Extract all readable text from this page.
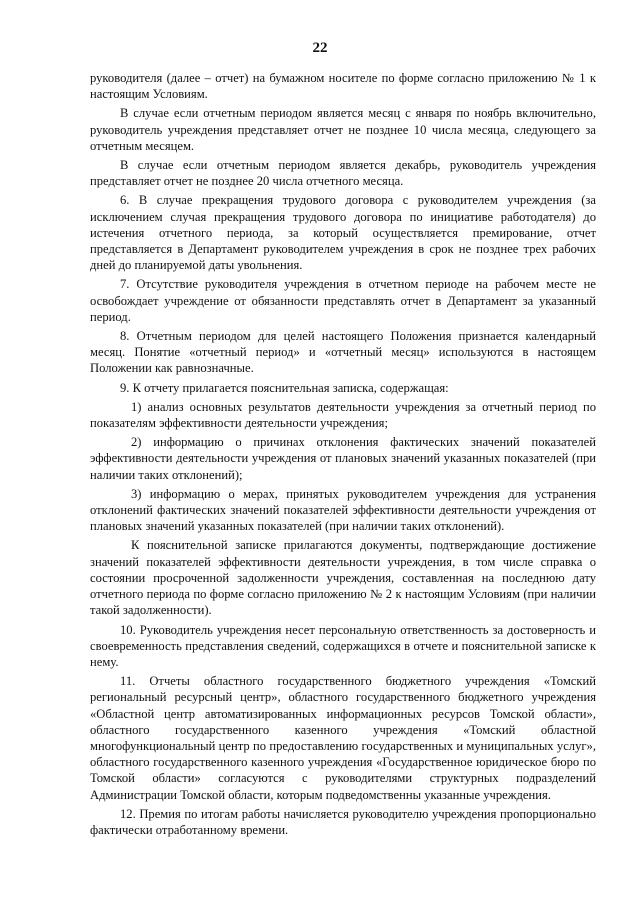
22

руководителя (далее – отчет) на бумажном носителе по форме согласно приложению № 1 к настоящим Условиям.

В случае если отчетным периодом является месяц с января по ноябрь включительно, руководитель учреждения представляет отчет не позднее 10 числа месяца, следующего за отчетным месяцем.

В случае если отчетным периодом является декабрь, руководитель учреждения представляет отчет не позднее 20 числа отчетного месяца.

6. В случае прекращения трудового договора с руководителем учреждения (за исключением случая прекращения трудового договора по инициативе работодателя) до истечения отчетного периода, за который осуществляется премирование, отчет представляется в Департамент руководителем учреждения в срок не позднее трех рабочих дней до планируемой даты увольнения.

7. Отсутствие руководителя учреждения в отчетном периоде на рабочем месте не освобождает учреждение от обязанности представлять отчет в Департамент за указанный период.

8. Отчетным периодом для целей настоящего Положения признается календарный месяц. Понятие «отчетный период» и «отчетный месяц» используются в настоящем Положении как равнозначные.

9. К отчету прилагается пояснительная записка, содержащая:

1) анализ основных результатов деятельности учреждения за отчетный период по показателям эффективности деятельности учреждения;

2) информацию о причинах отклонения фактических значений показателей эффективности деятельности учреждения от плановых значений указанных показателей (при наличии таких отклонений);

3) информацию о мерах, принятых руководителем учреждения для устранения отклонений фактических значений показателей эффективности деятельности учреждения от плановых значений указанных показателей (при наличии таких отклонений).

К пояснительной записке прилагаются документы, подтверждающие достижение значений показателей эффективности деятельности учреждения, в том числе справка о состоянии просроченной задолженности учреждения, составленная на последнюю дату отчетного периода по форме согласно приложению № 2 к настоящим Условиям (при наличии такой задолженности).

10. Руководитель учреждения несет персональную ответственность за достоверность и своевременность представления сведений, содержащихся в отчете и пояснительной записке к нему.

11. Отчеты областного государственного бюджетного учреждения «Томский региональный ресурсный центр», областного государственного бюджетного учреждения «Областной центр автоматизированных информационных ресурсов Томской области», областного государственного казенного учреждения «Томский областной многофункциональный центр по предоставлению государственных и муниципальных услуг», областного государственного казенного учреждения «Государственное юридическое бюро по Томской области» согласуются с руководителями структурных подразделений Администрации Томской области, которым подведомственны указанные учреждения.

12. Премия по итогам работы начисляется руководителю учреждения пропорционально фактически отработанному времени.
